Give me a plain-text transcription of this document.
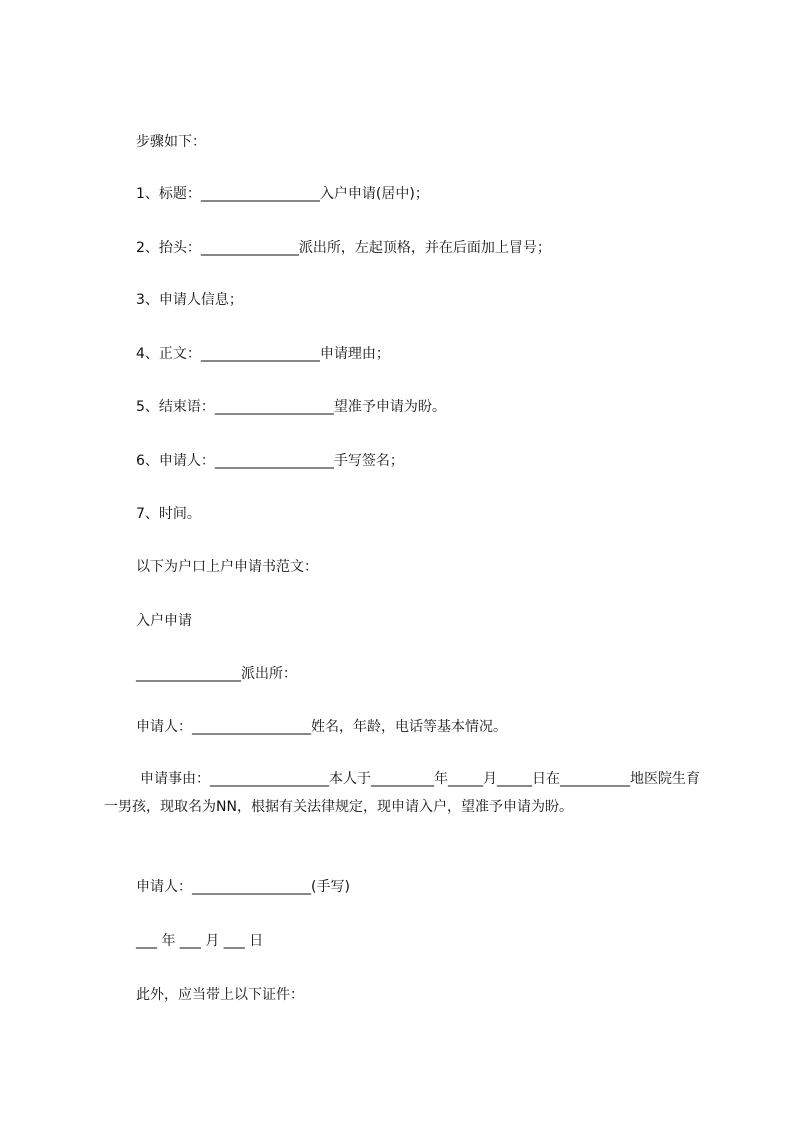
步骤如下：
1、标题：_________________入户申请(居中)；
2、抬头：______________派出所，左起顶格，并在后面加上冒号；
3、申请人信息；
4、正文：_________________申请理由；
5、结束语：_________________望准予申请为盼。
6、申请人：_________________手写签名；
7、时间。
以下为户口上户申请书范文：
入户申请
_______________派出所：
申请人：_________________姓名，年龄，电话等基本情况。
申请事由：_________________本人于_________年_____月_____日在__________地医院生育一男孩，现取名为NN，根据有关法律规定，现申请入户，望准予申请为盼。
申请人：_________________(手写)
___ 年 ___ 月 ___ 日
此外，应当带上以下证件：
